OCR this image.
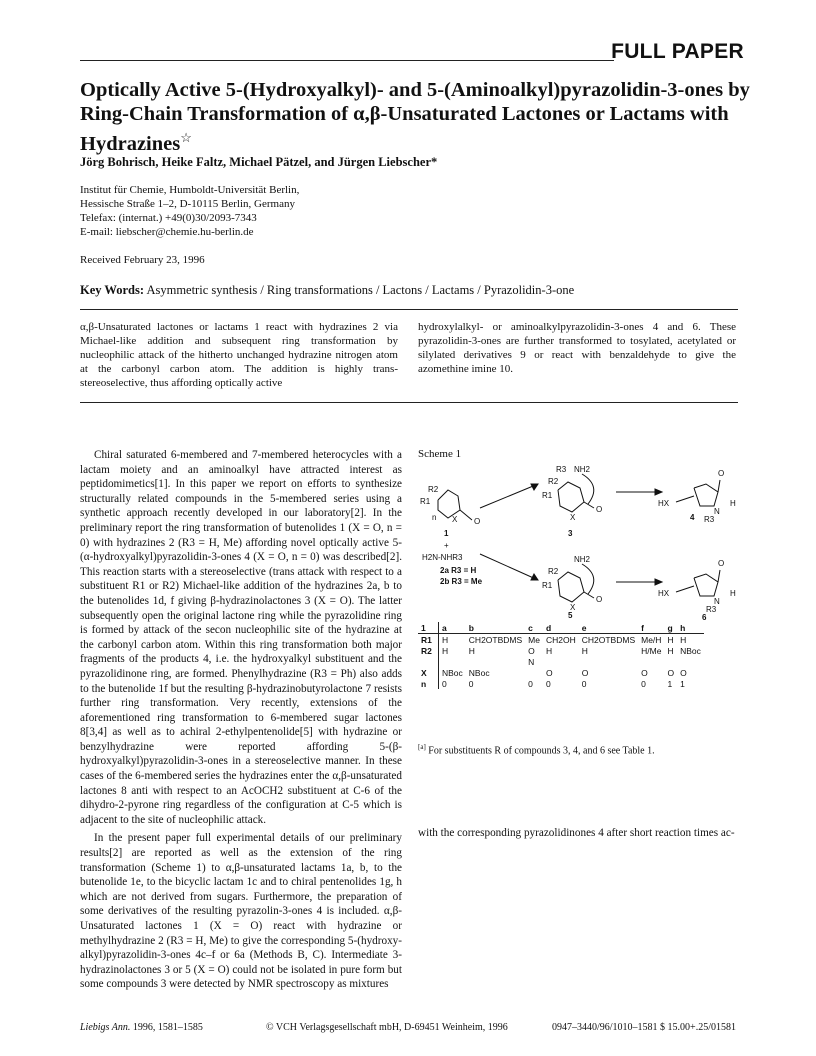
FULL PAPER
Optically Active 5-(Hydroxyalkyl)- and 5-(Aminoalkyl)pyrazolidin-3-ones by Ring-Chain Transformation of α,β-Unsaturated Lactones or Lactams with Hydrazines☆
Jörg Bohrisch, Heike Faltz, Michael Pätzel, and Jürgen Liebscher*
Institut für Chemie, Humboldt-Universität Berlin,
Hessische Straße 1–2, D-10115 Berlin, Germany
Telefax: (internat.) +49(0)30/2093-7343
E-mail: liebscher@chemie.hu-berlin.de
Received February 23, 1996
Key Words: Asymmetric synthesis / Ring transformations / Lactons / Lactams / Pyrazolidin-3-one
α,β-Unsaturated lactones or lactams 1 react with hydrazines 2 via Michael-like addition and subsequent ring transformation by nucleophilic attack of the hitherto unchanged hydrazine nitrogen atom at the carbonyl carbon atom. The addition is highly trans-stereoselective, thus affording optically active
hydroxylalkyl- or aminoalkylpyrazolidin-3-ones 4 and 6. These pyrazolidin-3-ones are further transformed to tosylated, acetylated or silylated derivatives 9 or react with benzaldehyde to give the azomethine imine 10.

Chiral saturated 6-membered and 7-membered heterocycles with a lactam moiety and an aminoalkyl have attracted interest as peptidomimetics[1]. In this paper we report on efforts to synthesize structurally related compounds in the 5-membered series using a synthetic approach recently developed in our laboratory[2]. In the preliminary report the ring transformation of butenolides 1 (X = O, n = 0) with hydrazines 2 (R3 = H, Me) affording novel optically active 5-(α-hydroxyalkyl)pyrazolidin-3-ones 4 (X = O, n = 0) was described[2]. This reaction starts with a stereoselective (trans attack with respect to a substituent R1 or R2) Michael-like addition of the hydrazines 2a, b to the butenolides 1d, f giving β-hydrazinolactones 3 (X = O). The latter subsequently open the original lactone ring while the pyrazolidine ring is formed by attack of the secon nucleophilic site of the hydrazine at the carbonyl carbon atom. Within this ring transformation both major fragments of the products 4, i.e. the hydroxyalkyl substituent and the pyrazolidinone ring, are formed. Phenylhydrazine (R3 = Ph) also adds to the butenolide 1f but the resulting β-hydrazinobutyrolactone 7 resists further ring transformation. Very recently, extensions of the aforementioned ring transformation to 6-membered sugar lactones 8[3,4] as well as to achiral 2-ethylpentenolide[5] with hydrazine or benzylhydrazine were reported affording 5-(β-hydroxyalkyl)pyrazolidin-3-ones in a stereoselective manner. In these cases of the 6-membered series the hydrazines enter the α,β-unsaturated lactones 8 anti with respect to an AcOCH2 substituent at C-6 of the dihydro-2-pyrone ring regardless of the configuration at C-5 which is adjacent to the site of nucleophilic attack.

In the present paper full experimental details of our preliminary results[2] are reported as well as the extension of the ring transformation (Scheme 1) to α,β-unsaturated lactams 1a, b, to the butenolide 1e, to the bicyclic lactam 1c and to chiral pentenolides 1g, h which are not derived from sugars. Furthermore, the preparation of some derivatives of the resulting pyrazolin-3-ones 4 is included. α,β-Unsaturated lactones 1 (X = O) react with hydrazine or methylhydrazine 2 (R3 = H, Me) to give the corresponding 5-(hydroxy-alkyl)pyrazolidin-3-ones 4c–f or 6a (Methods B, C). Intermediate 3-hydrazinolactones 3 or 5 (X = O) could not be isolated in pure form but some compounds 3 were detected by NMR spectroscopy as mixtures

Scheme 1
R2
R1
n X O
1
+
H2N-NHR3
2a R3 = H
2b R3 = Me
R3 NH2
R2
R1
X
O
3
HX
O
N
H
R3
4
NH2
R2
R1
X
O
5
HX
O
N
H
R3
6
1	a	b	c	d	e	f	g	h
R1	H	CH2OTBDMS	Me	CH2OH	CH2OTBDMS	Me/H	H	H
R2	H	H	O	H	H	H/Me	H	NBoc
			N					
X	NBoc	NBoc		O	O	O	O	O
n	0	0	0	0	0	0	1	1
[a] For substituents R of compounds 3, 4, and 6 see Table 1.

with the corresponding pyrazolidinones 4 after short reaction times ac-

Liebigs Ann. 1996, 1581–1585	© VCH Verlagsgesellschaft mbH, D-69451 Weinheim, 1996	0947–3440/96/1010–1581 $ 15.00+.25/0 1581
